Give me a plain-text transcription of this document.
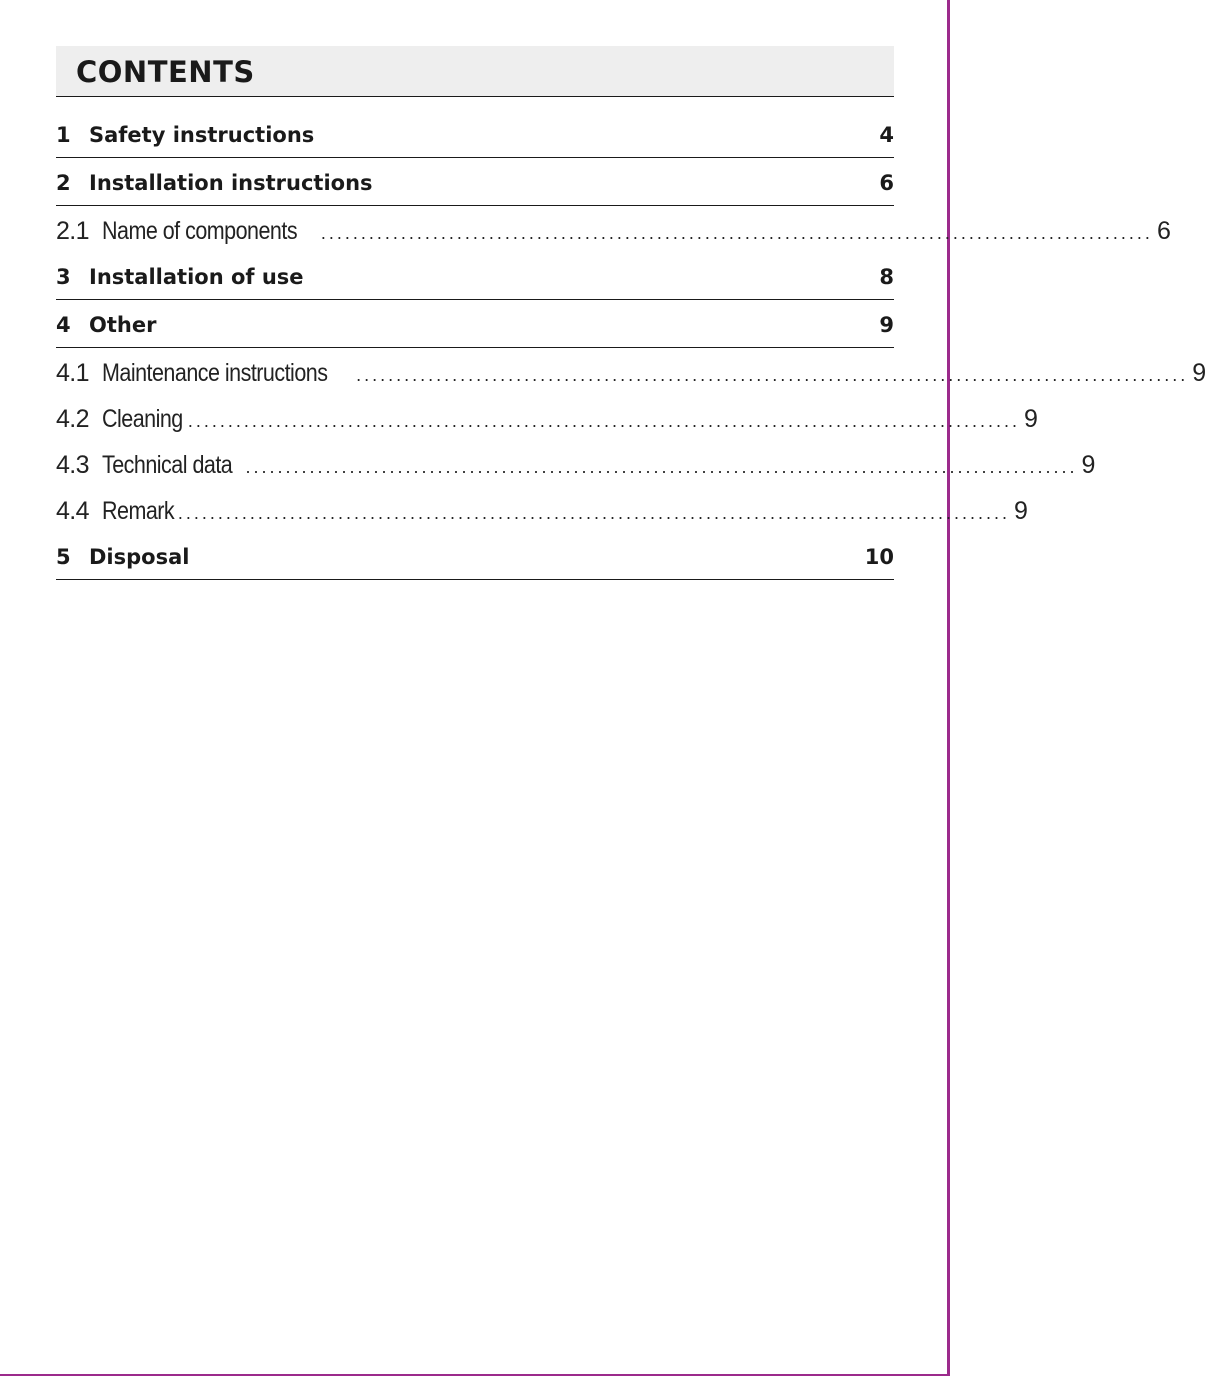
CONTENTS
1 Safety instructions	4
2 Installation instructions	6
2.1 Name of components ........................................................................................................ 6
3 Installation of use	8
4 Other	9
4.1 Maintenance instructions ........................................................................................................ 9
4.2 Cleaning ........................................................................................................ 9
4.3 Technical data ........................................................................................................ 9
4.4 Remark ........................................................................................................ 9
5 Disposal	10
